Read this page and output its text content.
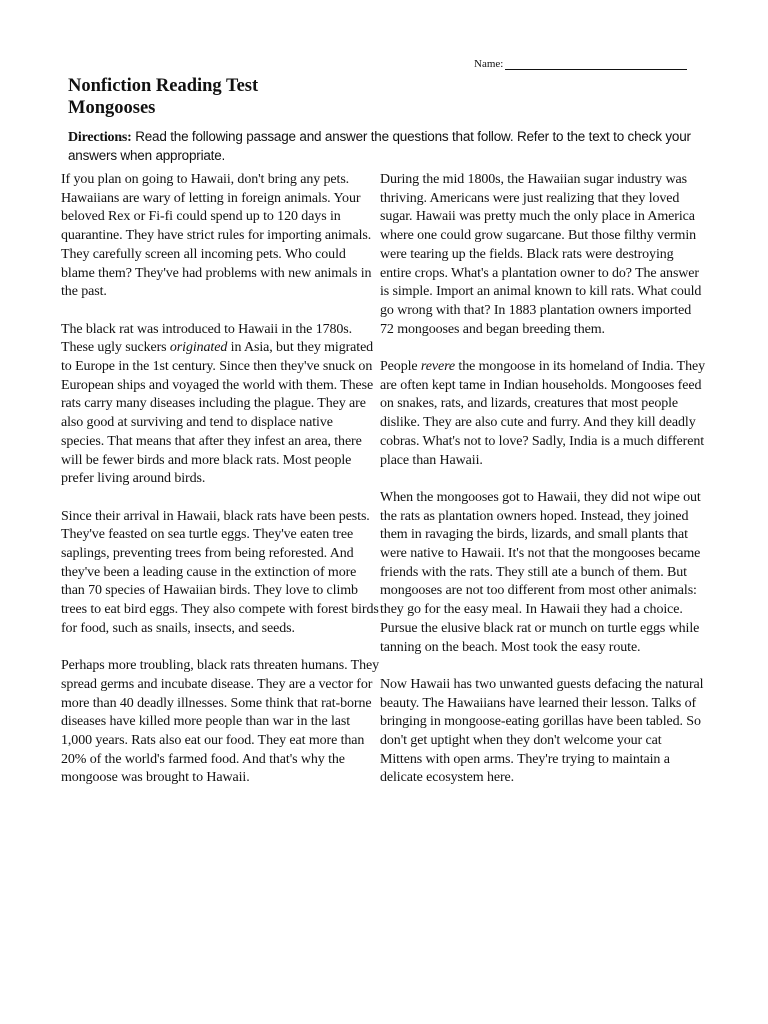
Name:
Nonfiction Reading Test
Mongooses

Directions: Read the following passage and answer the questions that follow. Refer to the text to check your answers when appropriate.

If you plan on going to Hawaii, don't bring any pets. Hawaiians are wary of letting in foreign animals. Your beloved Rex or Fi-fi could spend up to 120 days in quarantine. They have strict rules for importing animals. They carefully screen all incoming pets. Who could blame them? They've had problems with new animals in the past.

The black rat was introduced to Hawaii in the 1780s. These ugly suckers originated in Asia, but they migrated to Europe in the 1st century. Since then they've snuck on European ships and voyaged the world with them. These rats carry many diseases including the plague. They are also good at surviving and tend to displace native species. That means that after they infest an area, there will be fewer birds and more black rats. Most people prefer living around birds.

Since their arrival in Hawaii, black rats have been pests. They've feasted on sea turtle eggs. They've eaten tree saplings, preventing trees from being reforested. And they've been a leading cause in the extinction of more than 70 species of Hawaiian birds. They love to climb trees to eat bird eggs. They also compete with forest birds for food, such as snails, insects, and seeds.

Perhaps more troubling, black rats threaten humans. They spread germs and incubate disease. They are a vector for more than 40 deadly illnesses. Some think that rat-borne diseases have killed more people than war in the last 1,000 years. Rats also eat our food. They eat more than 20% of the world's farmed food. And that's why the mongoose was brought to Hawaii.

During the mid 1800s, the Hawaiian sugar industry was thriving. Americans were just realizing that they loved sugar. Hawaii was pretty much the only place in America where one could grow sugarcane. But those filthy vermin were tearing up the fields. Black rats were destroying entire crops. What's a plantation owner to do? The answer is simple. Import an animal known to kill rats. What could go wrong with that? In 1883 plantation owners imported 72 mongooses and began breeding them.

People revere the mongoose in its homeland of India. They are often kept tame in Indian households. Mongooses feed on snakes, rats, and lizards, creatures that most people dislike. They are also cute and furry. And they kill deadly cobras. What's not to love? Sadly, India is a much different place than Hawaii.

When the mongooses got to Hawaii, they did not wipe out the rats as plantation owners hoped. Instead, they joined them in ravaging the birds, lizards, and small plants that were native to Hawaii. It's not that the mongooses became friends with the rats. They still ate a bunch of them. But mongooses are not too different from most other animals: they go for the easy meal. In Hawaii they had a choice. Pursue the elusive black rat or munch on turtle eggs while tanning on the beach. Most took the easy route.

Now Hawaii has two unwanted guests defacing the natural beauty. The Hawaiians have learned their lesson. Talks of bringing in mongoose-eating gorillas have been tabled. So don't get uptight when they don't welcome your cat Mittens with open arms. They're trying to maintain a delicate ecosystem here.
